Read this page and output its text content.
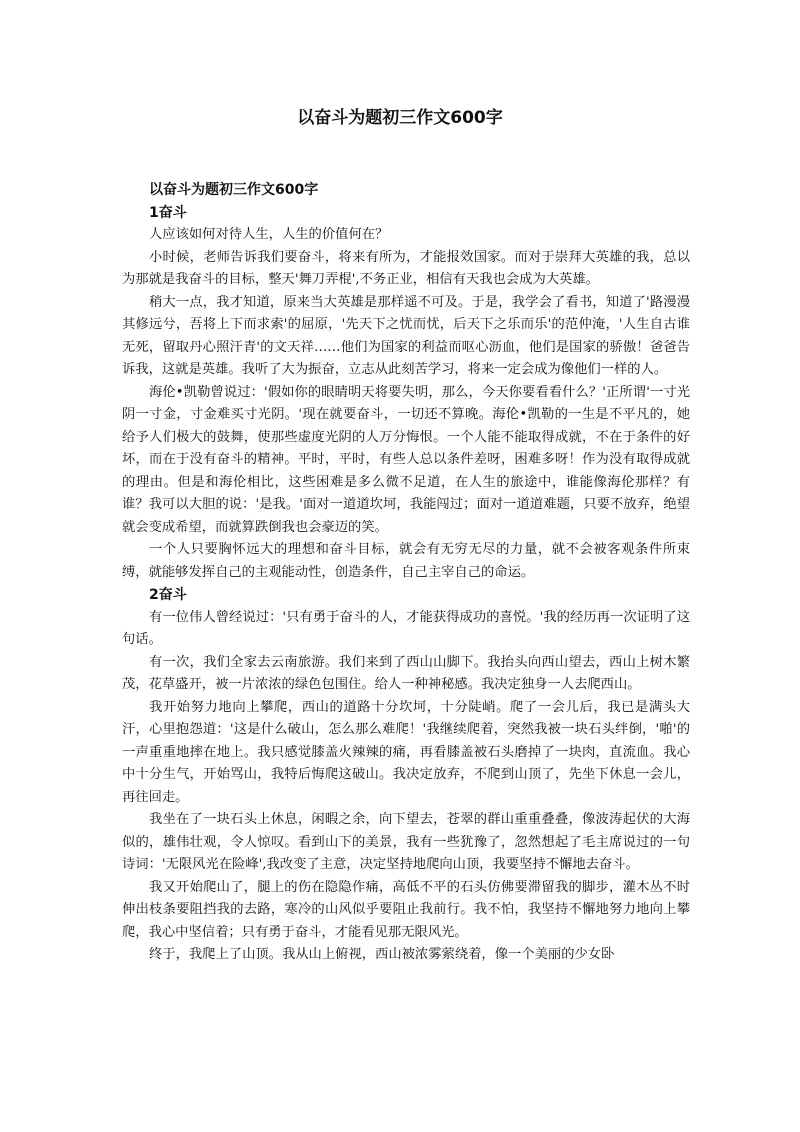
以奋斗为题初三作文600字
以奋斗为题初三作文600字
1奋斗

人应该如何对待人生，人生的价值何在？

小时候，老师告诉我们要奋斗，将来有所为，才能报效国家。而对于崇拜大英雄的我，总以为那就是我奋斗的目标，整天'舞刀弄棍',不务正业，相信有天我也会成为大英雄。

稍大一点，我才知道，原来当大英雄是那样遥不可及。于是，我学会了看书，知道了'路漫漫其修远兮，吾将上下而求索'的屈原，'先天下之忧而忧，后天下之乐而乐'的范仲淹，'人生自古谁无死，留取丹心照汗青'的文天祥……他们为国家的利益而呕心沥血，他们是国家的骄傲！爸爸告诉我，这就是英雄。我听了大为振奋，立志从此刻苦学习，将来一定会成为像他们一样的人。

海伦•凯勒曾说过：'假如你的眼睛明天将要失明，那么，今天你要看看什么？'正所谓'一寸光阴一寸金，寸金难买寸光阴。'现在就要奋斗，一切还不算晚。海伦•凯勒的一生是不平凡的，她给予人们极大的鼓舞，使那些虚度光阴的人万分悔恨。一个人能不能取得成就，不在于条件的好坏，而在于没有奋斗的精神。平时，平时，有些人总以条件差呀，困难多呀！作为没有取得成就的理由。但是和海伦相比，这些困难是多么微不足道，在人生的旅途中，谁能像海伦那样？有谁？我可以大胆的说：'是我。'面对一道道坎坷，我能闯过；面对一道道难题，只要不放弃，绝望就会变成希望，而就算跌倒我也会豪迈的笑。

一个人只要胸怀远大的理想和奋斗目标，就会有无穷无尽的力量，就不会被客观条件所束缚，就能够发挥自己的主观能动性，创造条件，自己主宰自己的命运。

2奋斗

有一位伟人曾经说过：'只有勇于奋斗的人，才能获得成功的喜悦。'我的经历再一次证明了这句话。

有一次，我们全家去云南旅游。我们来到了西山山脚下。我抬头向西山望去，西山上树木繁茂，花草盛开，被一片浓浓的绿色包围住。给人一种神秘感。我决定独身一人去爬西山。

我开始努力地向上攀爬，西山的道路十分坎坷，十分陡峭。爬了一会儿后，我已是满头大汗，心里抱怨道：'这是什么破山，怎么那么难爬！'我继续爬着，突然我被一块石头绊倒，'啪'的一声重重地摔在地上。我只感觉膝盖火辣辣的痛，再看膝盖被石头磨掉了一块肉，直流血。我心中十分生气，开始骂山，我特后悔爬这破山。我决定放弃，不爬到山顶了，先坐下休息一会儿，再往回走。

我坐在了一块石头上休息，闲暇之余，向下望去，苍翠的群山重重叠叠，像波涛起伏的大海似的，雄伟壮观，令人惊叹。看到山下的美景，我有一些犹豫了，忽然想起了毛主席说过的一句诗词：'无限风光在险峰',我改变了主意，决定坚持地爬向山顶，我要坚持不懈地去奋斗。

我又开始爬山了，腿上的伤在隐隐作痛，高低不平的石头仿佛要滞留我的脚步，灌木丛不时伸出枝条要阻挡我的去路，寒冷的山风似乎要阻止我前行。我不怕，我坚持不懈地努力地向上攀爬，我心中坚信着；只有勇于奋斗，才能看见那无限风光。

终于，我爬上了山顶。我从山上俯视，西山被浓雾萦绕着，像一个美丽的少女卧
